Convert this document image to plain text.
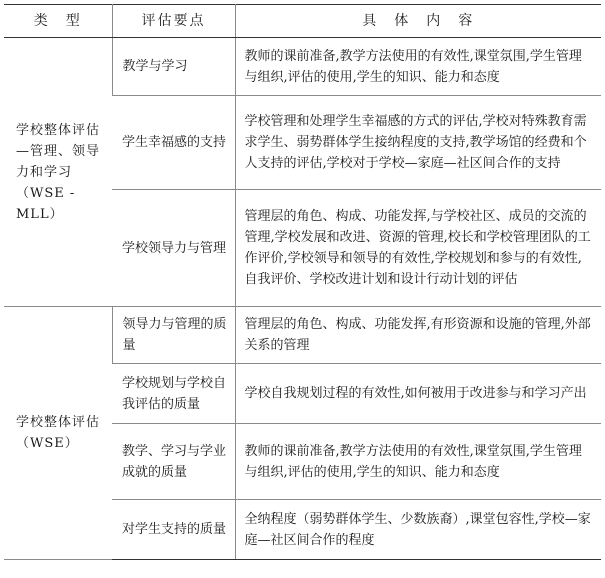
类　型	评估要点	具　体　内　容

学校整体评估—管理、领导力和学习（WSE - MLL）	教学与学习	教师的课前准备,教学方法使用的有效性,课堂氛围,学生管理与组织,评估的使用,学生的知识、能力和态度

	学生幸福感的支持	学校管理和处理学生幸福感的方式的评估,学校对特殊教育需求学生、弱势群体学生接纳程度的支持,教学场馆的经费和个人支持的评估,学校对于学校—家庭—社区间合作的支持

	学校领导力与管理	管理层的角色、构成、功能发挥,与学校社区、成员的交流的管理,学校发展和改进、资源的管理,校长和学校管理团队的工作评价,学校领导和领导的有效性,学校规划和参与的有效性,自我评价、学校改进计划和设计行动计划的评估

学校整体评估（WSE）	领导力与管理的质量	管理层的角色、构成、功能发挥,有形资源和设施的管理,外部关系的管理

	学校规划与学校自我评估的质量	学校自我规划过程的有效性,如何被用于改进参与和学习产出

	教学、学习与学业成就的质量	教师的课前准备,教学方法使用的有效性,课堂氛围,学生管理与组织,评估的使用,学生的知识、能力和态度

	对学生支持的质量	全纳程度（弱势群体学生、少数族裔）,课堂包容性,学校—家庭—社区间合作的程度
